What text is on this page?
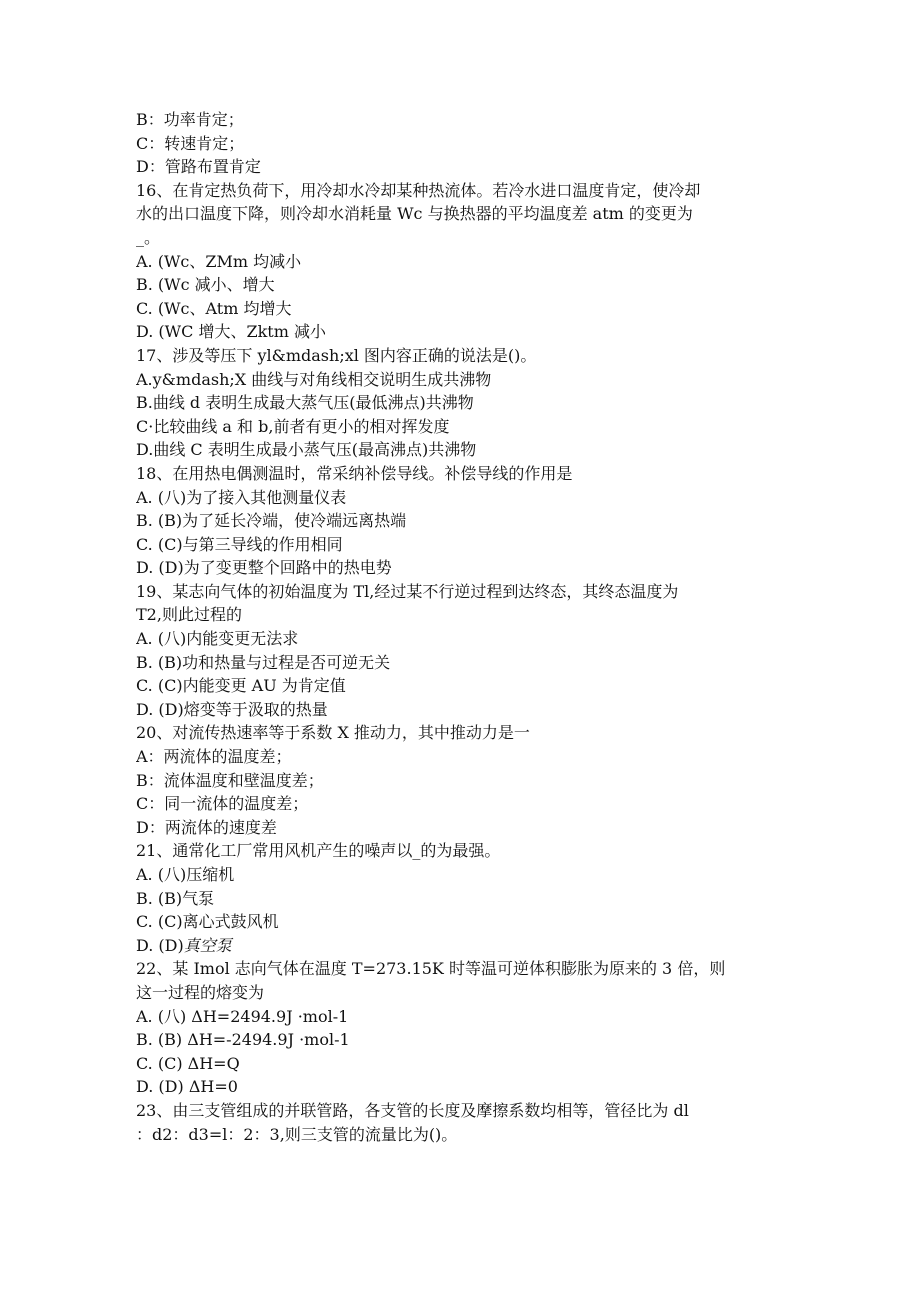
B：功率肯定；
C：转速肯定；
D：管路布置肯定
16、在肯定热负荷下，用冷却水冷却某种热流体。若冷水进口温度肯定，使冷却
水的出口温度下降，则冷却水消耗量 Wc 与换热器的平均温度差 atm 的变更为
_。
A. (Wc、ZMm 均减小
B. (Wc 减小、增大
C. (Wc、Atm 均增大
D. (WC 增大、Zktm 减小
17、涉及等压下 yl&mdash;xl 图内容正确的说法是()。
A.y&mdash;X 曲线与对角线相交说明生成共沸物
B.曲线 d 表明生成最大蒸气压(最低沸点)共沸物
C·比较曲线 a 和 b,前者有更小的相对挥发度
D.曲线 C 表明生成最小蒸气压(最高沸点)共沸物
18、在用热电偶测温时，常采纳补偿导线。补偿导线的作用是
A. (八)为了接入其他测量仪表
B. (B)为了延长冷端，使冷端远离热端
C. (C)与第三导线的作用相同
D. (D)为了变更整个回路中的热电势
19、某志向气体的初始温度为 Tl,经过某不行逆过程到达终态，其终态温度为
T2,则此过程的
A. (八)内能变更无法求
B. (B)功和热量与过程是否可逆无关
C. (C)内能变更 AU 为肯定值
D. (D)熔变等于汲取的热量
20、对流传热速率等于系数 X 推动力，其中推动力是一
A：两流体的温度差；
B：流体温度和壁温度差；
C：同一流体的温度差；
D：两流体的速度差
21、通常化工厂常用风机产生的噪声以_的为最强。
A. (八)压缩机
B. (B)气泵
C. (C)离心式鼓风机
D. (D)真空泵
22、某 Imol 志向气体在温度 T=273.15K 时等温可逆体积膨胀为原来的 3 倍，则
这一过程的熔变为
A. (八) ΔH=2494.9J ·mol-1
B. (B) ΔH=-2494.9J ·mol-1
C. (C) ΔH=Q
D. (D) ΔH=0
23、由三支管组成的并联管路，各支管的长度及摩擦系数均相等，管径比为 dl
：d2：d3=l：2：3,则三支管的流量比为()。
